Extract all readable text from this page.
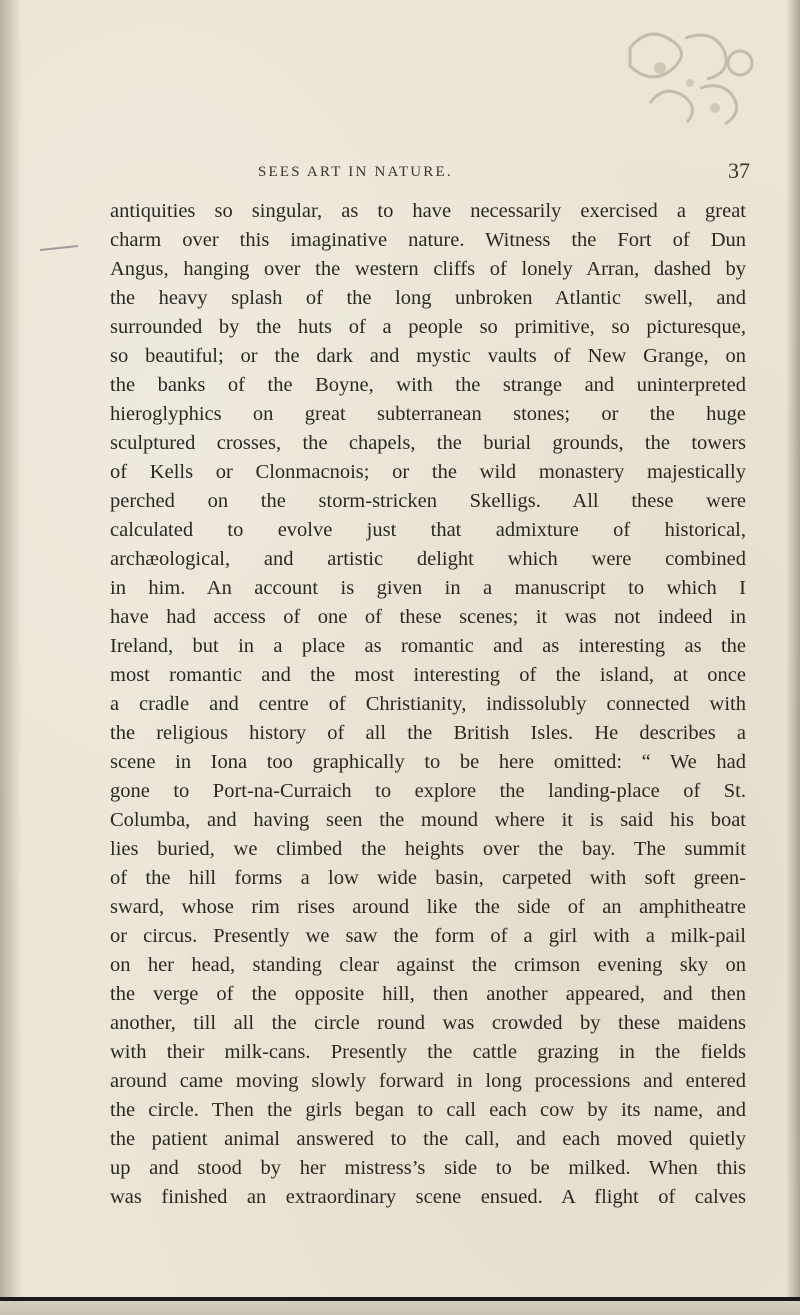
SEES ART IN NATURE.	37
antiquities so singular, as to have necessarily exercised a great
charm over this imaginative nature. Witness the Fort of Dun
Angus, hanging over the western cliffs of lonely Arran, dashed by
the heavy splash of the long unbroken Atlantic swell, and
surrounded by the huts of a people so primitive, so picturesque,
so beautiful; or the dark and mystic vaults of New Grange, on
the banks of the Boyne, with the strange and uninterpreted
hieroglyphics on great subterranean stones; or the huge
sculptured crosses, the chapels, the burial grounds, the towers
of Kells or Clonmacnois; or the wild monastery majestically
perched on the storm-stricken Skelligs. All these were
calculated to evolve just that admixture of historical,
archæological, and artistic delight which were combined
in him. An account is given in a manuscript to which I
have had access of one of these scenes; it was not indeed in
Ireland, but in a place as romantic and as interesting as the
most romantic and the most interesting of the island, at once
a cradle and centre of Christianity, indissolubly connected with
the religious history of all the British Isles. He describes a
scene in Iona too graphically to be here omitted: “ We had
gone to Port-na-Curraich to explore the landing-place of St.
Columba, and having seen the mound where it is said his boat
lies buried, we climbed the heights over the bay. The summit
of the hill forms a low wide basin, carpeted with soft green-
sward, whose rim rises around like the side of an amphitheatre
or circus. Presently we saw the form of a girl with a milk-pail
on her head, standing clear against the crimson evening sky on
the verge of the opposite hill, then another appeared, and then
another, till all the circle round was crowded by these maidens
with their milk-cans. Presently the cattle grazing in the fields
around came moving slowly forward in long processions and entered
the circle. Then the girls began to call each cow by its name, and
the patient animal answered to the call, and each moved quietly
up and stood by her mistress’s side to be milked. When this
was finished an extraordinary scene ensued. A flight of calves
